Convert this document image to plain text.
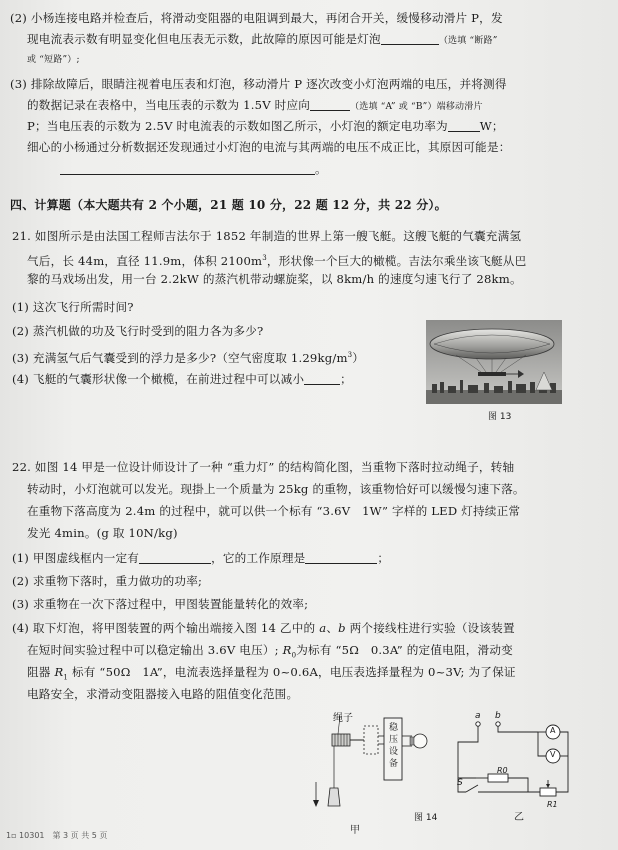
(2) 小杨连接电路并检查后，将滑动变阻器的电阻调到最大，再闭合开关，缓慢移动滑片 P，发
现电流表示数有明显变化但电压表无示数，此故障的原因可能是灯泡	（选填 “断路”
或 “短路”）;
(3) 排除故障后，眼睛注视着电压表和灯泡，移动滑片 P 逐次改变小灯泡两端的电压，并将测得
的数据记录在表格中，当电压表的示数为 1.5V 时应向	（选填 “A” 或 “B”）端移动滑片
P；当电压表的示数为 2.5V 时电流表的示数如图乙所示，小灯泡的额定电功率为	W；
细心的小杨通过分析数据还发现通过小灯泡的电流与其两端的电压不成正比，其原因可能是：
。
四、计算题（本大题共有 2 个小题，21 题 10 分，22 题 12 分，共 22 分）。
21. 如图所示是由法国工程师吉法尔于 1852 年制造的世界上第一艘飞艇。这艘飞艇的气囊充满氢
气后，长 44m，直径 11.9m，体积 $2100m^3$，形状像一个巨大的橄榄。吉法尔乘坐该飞艇从巴
黎的马戏场出发，用一台 2.2kW 的蒸汽机带动螺旋桨，以 8km/h 的速度匀速飞行了 28km。
(1) 这次飞行所需时间?
(2) 蒸汽机做的功及飞行时受到的阻力各为多少?
(3) 充满氢气后气囊受到的浮力是多少?（空气密度取 $1.29kg/m^3$）
(4) 飞艇的气囊形状像一个橄榄，在前进过程中可以减小	；
图 13
22. 如图 14 甲是一位设计师设计了一种 “重力灯” 的结构简化图，当重物下落时拉动绳子，转轴
转动时，小灯泡就可以发光。现掛上一个质量为 25kg 的重物，该重物恰好可以缓慢匀速下落。
在重物下落高度为 2.4m 的过程中，就可以供一个标有 “3.6V　1W” 字样的 LED 灯持续正常
发光 4min。(g 取 10N/kg)
(1) 甲图虚线框内一定有	，它的工作原理是	；
(2) 求重物下落时，重力做功的功率;
(3) 求重物在一次下落过程中，甲图装置能量转化的效率;
(4) 取下灯泡，将甲图装置的两个输出端接入图 14 乙中的 a、b 两个接线柱进行实验（设该装置
在短时间实验过程中可以稳定输出 3.6V 电压）; $R_0$为标有 “5Ω　0.3A” 的定值电阻，滑动变
阻器 $R_1$ 标有 “50Ω　1A”，电流表选择量程为 0~0.6A，电压表选择量程为 0~3V; 为了保证
电路安全，求滑动变阻器接入电路的阻值变化范围。
绳子
稳压设备
a b
A
V
S
R0
R1
甲
图 14	乙
1▫ 10301　第 3 页 共 5 页
